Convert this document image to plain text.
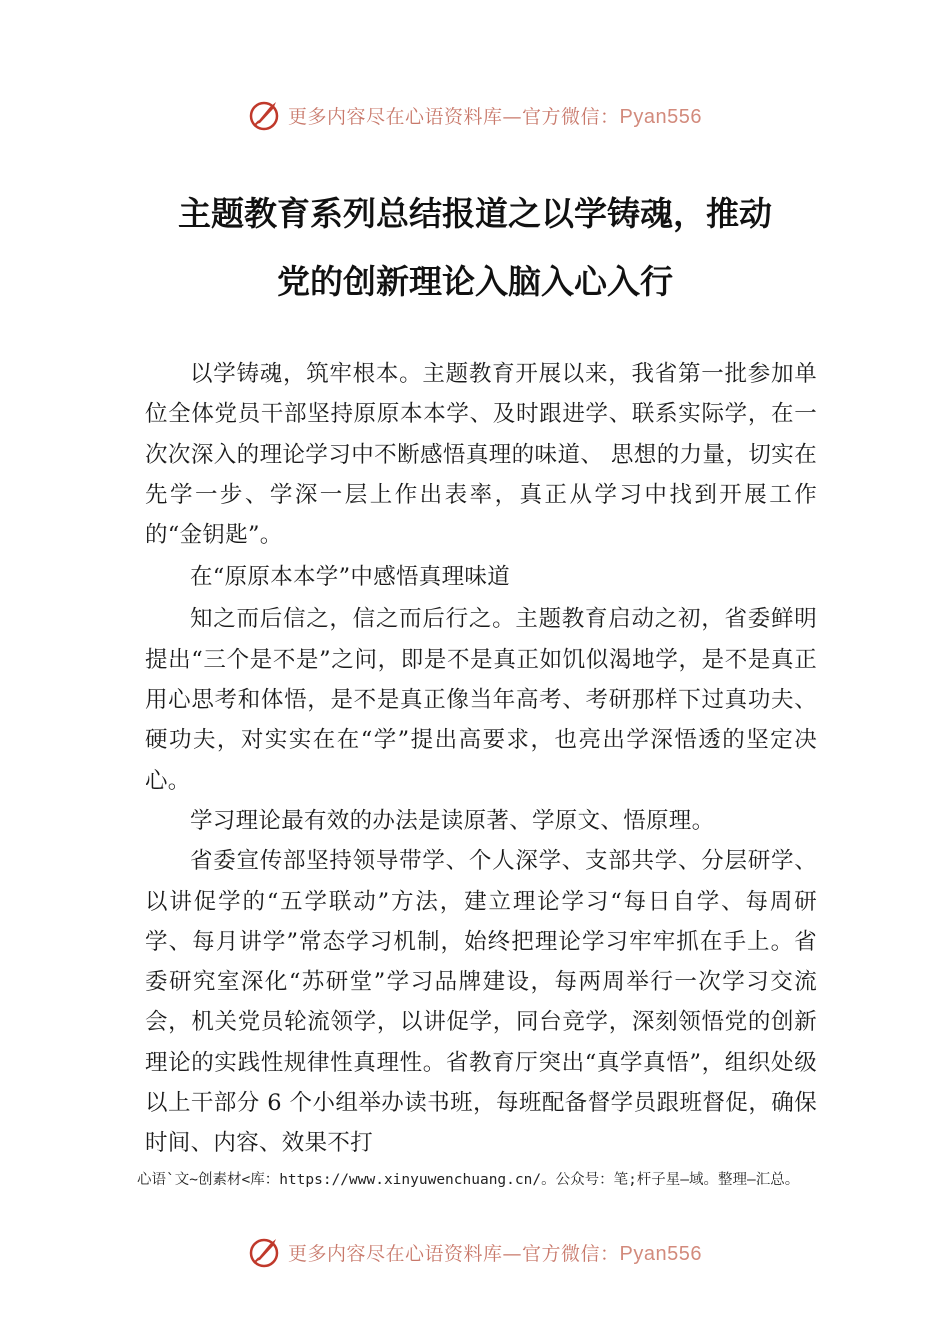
更多内容尽在心语资料库—官方微信：Pyan556
主题教育系列总结报道之以学铸魂，推动
党的创新理论入脑入心入行

以学铸魂，筑牢根本。主题教育开展以来，我省第一批参加单位全体党员干部坚持原原本本学、及时跟进学、联系实际学，在一次次深入的理论学习中不断感悟真理的味道、 思想的力量，切实在先学一步、学深一层上作出表率，真正从学习中找到开展工作的“金钥匙”。

在“原原本本学”中感悟真理味道

知之而后信之，信之而后行之。主题教育启动之初，省委鲜明提出“三个是不是”之问，即是不是真正如饥似渴地学，是不是真正用心思考和体悟，是不是真正像当年高考、考研那样下过真功夫、硬功夫，对实实在在“学”提出高要求，也亮出学深悟透的坚定决心。

学习理论最有效的办法是读原著、学原文、悟原理。

省委宣传部坚持领导带学、个人深学、支部共学、分层研学、以讲促学的“五学联动”方法，建立理论学习“每日自学、每周研学、每月讲学”常态学习机制，始终把理论学习牢牢抓在手上。省委研究室深化“苏研堂”学习品牌建设，每两周举行一次学习交流会，机关党员轮流领学，以讲促学，同台竞学，深刻领悟党的创新理论的实践性规律性真理性。省教育厅突出“真学真悟”，组织处级以上干部分 6 个小组举办读书班，每班配备督学员跟班督促，确保时间、内容、效果不打

心语`文~创素材<库：https://www.xinyuwenchuang.cn/。公众号：笔;杆子星—域。整理—汇总。
更多内容尽在心语资料库—官方微信：Pyan556
